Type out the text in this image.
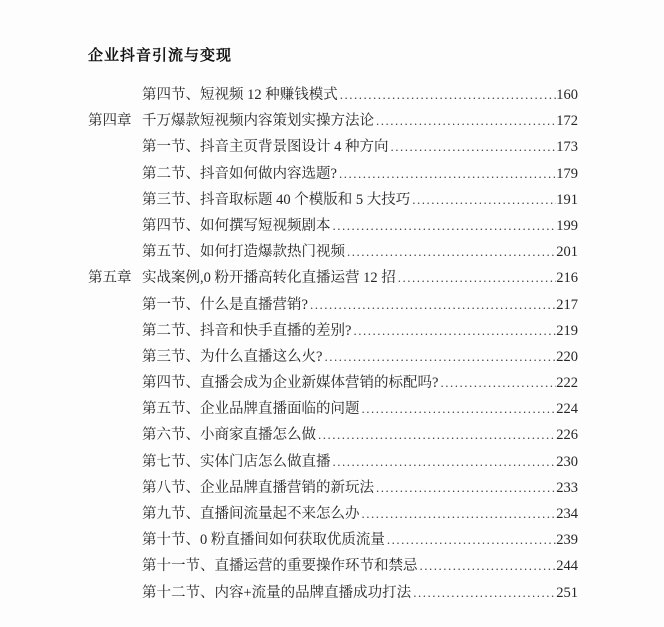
企业抖音引流与变现
第四节、短视频 12 种赚钱模式 .....	160
第四章 千万爆款短视频内容策划实操方法论 .....	172
第一节、抖音主页背景图设计 4 种方向 .....	173
第二节、抖音如何做内容选题? .....	179
第三节、抖音取标题 40 个模版和 5 大技巧 .....	191
第四节、如何撰写短视频剧本 .....	199
第五节、如何打造爆款热门视频 .....	201
第五章 实战案例,0 粉开播高转化直播运营 12 招 .....	216
第一节、什么是直播营销? .....	217
第二节、抖音和快手直播的差别? .....	219
第三节、为什么直播这么火? .....	220
第四节、直播会成为企业新媒体营销的标配吗? .....	222
第五节、企业品牌直播面临的问题 .....	224
第六节、小商家直播怎么做 .....	226
第七节、实体门店怎么做直播 .....	230
第八节、企业品牌直播营销的新玩法 .....	233
第九节、直播间流量起不来怎么办 .....	234
第十节、0 粉直播间如何获取优质流量 .....	239
第十一节、直播运营的重要操作环节和禁忌 .....	244
第十二节、内容+流量的品牌直播成功打法 .....	251
